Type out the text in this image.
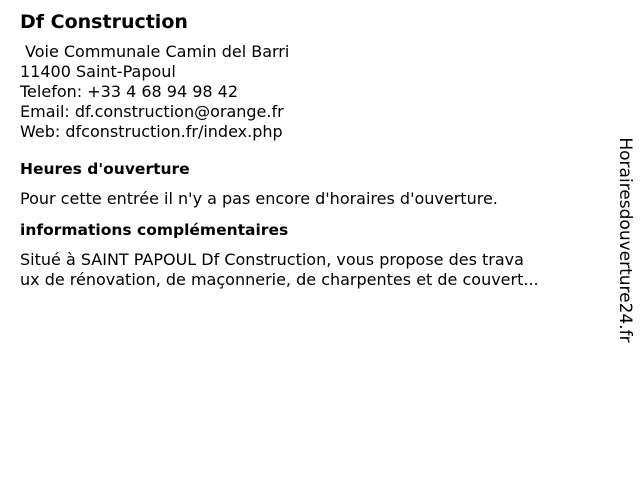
Df Construction
Voie Communale Camin del Barri
11400 Saint-Papoul
Telefon: +33 4 68 94 98 42
Email: df.construction@orange.fr
Web: dfconstruction.fr/index.php
Heures d'ouverture
Pour cette entrée il n'y a pas encore d'horaires d'ouverture.
informations complémentaires
Situé à SAINT PAPOUL Df Construction, vous propose des trava
ux de rénovation, de maçonnerie, de charpentes et de couvert...	Horairesdouverture24.fr
